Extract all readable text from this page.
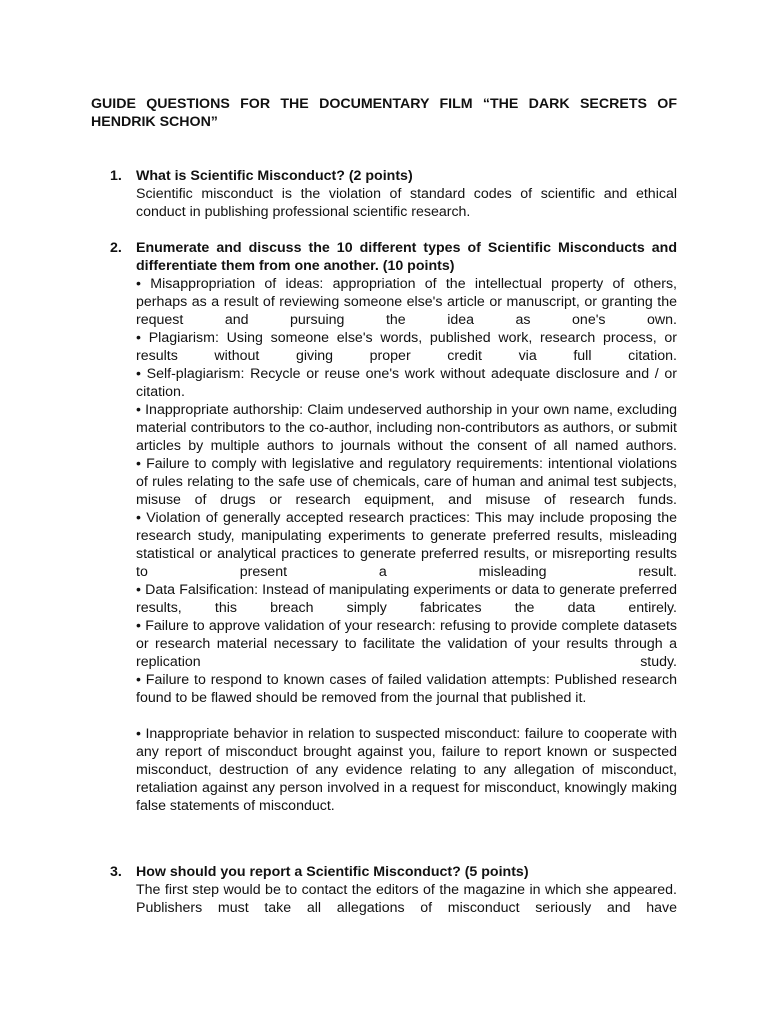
GUIDE QUESTIONS FOR THE DOCUMENTARY FILM “THE DARK SECRETS OF HENDRIK SCHON”
1. What is Scientific Misconduct? (2 points)

Scientific misconduct is the violation of standard codes of scientific and ethical conduct in publishing professional scientific research.

2. Enumerate and discuss the 10 different types of Scientific Misconducts and differentiate them from one another. (10 points)

• Misappropriation of ideas: appropriation of the intellectual property of others, perhaps as a result of reviewing someone else's article or manuscript, or granting the request and pursuing the idea as one's own.

• Plagiarism: Using someone else's words, published work, research process, or results without giving proper credit via full citation.

• Self-plagiarism: Recycle or reuse one's work without adequate disclosure and / or citation.

• Inappropriate authorship: Claim undeserved authorship in your own name, excluding material contributors to the co-author, including non-contributors as authors, or submit articles by multiple authors to journals without the consent of all named authors.

• Failure to comply with legislative and regulatory requirements: intentional violations of rules relating to the safe use of chemicals, care of human and animal test subjects, misuse of drugs or research equipment, and misuse of research funds.

• Violation of generally accepted research practices: This may include proposing the research study, manipulating experiments to generate preferred results, misleading statistical or analytical practices to generate preferred results, or misreporting results to present a misleading result.

• Data Falsification: Instead of manipulating experiments or data to generate preferred results, this breach simply fabricates the data entirely.

• Failure to approve validation of your research: refusing to provide complete datasets or research material necessary to facilitate the validation of your results through a replication study.

• Failure to respond to known cases of failed validation attempts: Published research found to be flawed should be removed from the journal that published it.

• Inappropriate behavior in relation to suspected misconduct: failure to cooperate with any report of misconduct brought against you, failure to report known or suspected misconduct, destruction of any evidence relating to any allegation of misconduct, retaliation against any person involved in a request for misconduct, knowingly making false statements of misconduct.

3. How should you report a Scientific Misconduct? (5 points)

The first step would be to contact the editors of the magazine in which she appeared. Publishers must take all allegations of misconduct seriously and have
